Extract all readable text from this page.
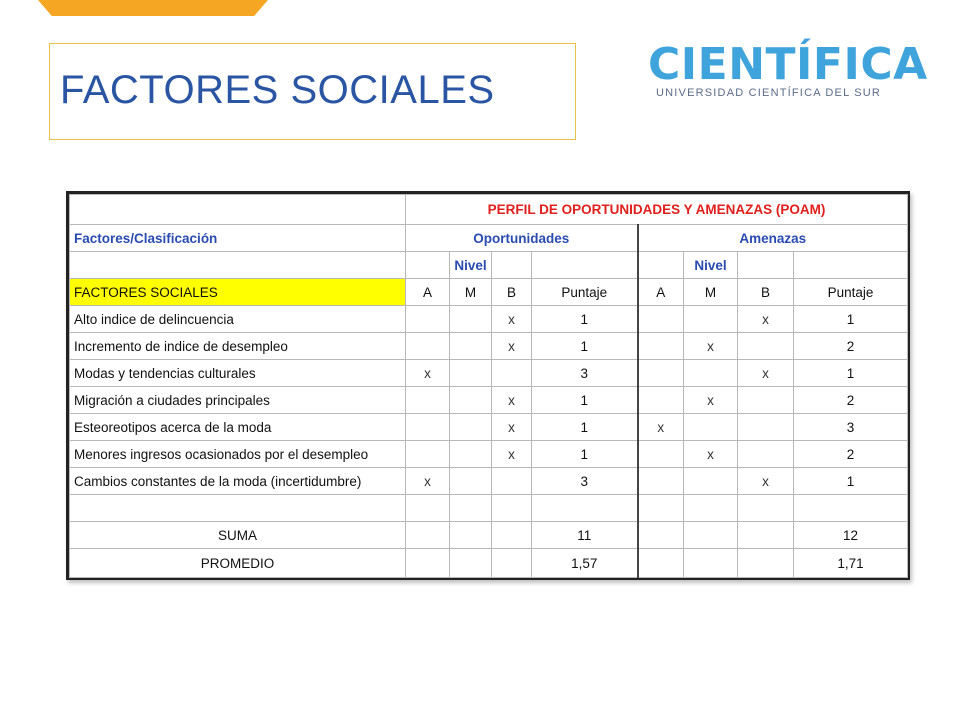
FACTORES SOCIALES	CIENTÍFICA
UNIVERSIDAD CIENTÍFICA DEL SUR
	PERFIL DE OPORTUNIDADES Y AMENAZAS (POAM)							
Factores/Clasificación	Oportunidades				Amenazas			
		Nivel				Nivel		
FACTORES SOCIALES	A	M	B	Puntaje	A	M	B	Puntaje
Alto indice de delincuencia			x	1			x	1
Incremento de indice de desempleo			x	1		x		2
Modas y tendencias culturales	x			3			x	1
Migración a ciudades principales			x	1		x		2
Esteoreotipos acerca de la moda			x	1	x			3
Menores ingresos ocasionados por el desempleo			x	1		x		2
Cambios constantes de la moda (incertidumbre)	x			3			x	1

SUMA				11				12
PROMEDIO				1,57				1,71
